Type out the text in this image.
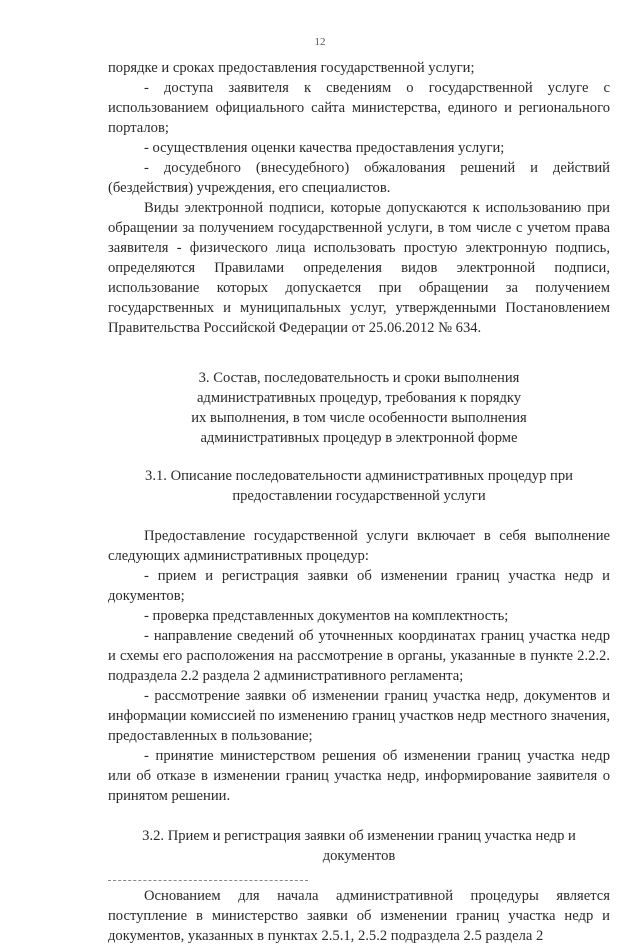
12

порядке и сроках предоставления государственной услуги;

- доступа заявителя к сведениям о государственной услуге с использованием официального сайта министерства, единого и регионального порталов;

- осуществления оценки качества предоставления услуги;

- досудебного (внесудебного) обжалования решений и действий (бездействия) учреждения, его специалистов.

Виды электронной подписи, которые допускаются к использованию при обращении за получением государственной услуги, в том числе с учетом права заявителя - физического лица использовать простую электронную подпись, определяются Правилами определения видов электронной подписи, использование которых допускается при обращении за получением государственных и муниципальных услуг, утвержденными Постановлением Правительства Российской Федерации от 25.06.2012 № 634.

3. Состав, последовательность и сроки выполнения
административных процедур, требования к порядку
их выполнения, в том числе особенности выполнения
административных процедур в электронной форме

3.1. Описание последовательности административных процедур при
предоставлении государственной услуги

Предоставление государственной услуги включает в себя выполнение следующих административных процедур:

- прием и регистрация заявки об изменении границ участка недр и документов;

- проверка представленных документов на комплектность;

- направление сведений об уточненных координатах границ участка недр и схемы его расположения на рассмотрение в органы, указанные в пункте 2.2.2. подраздела 2.2 раздела 2 административного регламента;

- рассмотрение заявки об изменении границ участка недр, документов и информации комиссией по изменению границ участков недр местного значения, предоставленных в пользование;

- принятие министерством решения об изменении границ участка недр или об отказе в изменении границ участка недр, информирование заявителя о принятом решении.

3.2. Прием и регистрация заявки об изменении границ участка недр и
документов

Основанием для начала административной процедуры является поступление в министерство заявки об изменении границ участка недр и документов, указанных в пунктах 2.5.1, 2.5.2 подраздела 2.5 раздела 2
